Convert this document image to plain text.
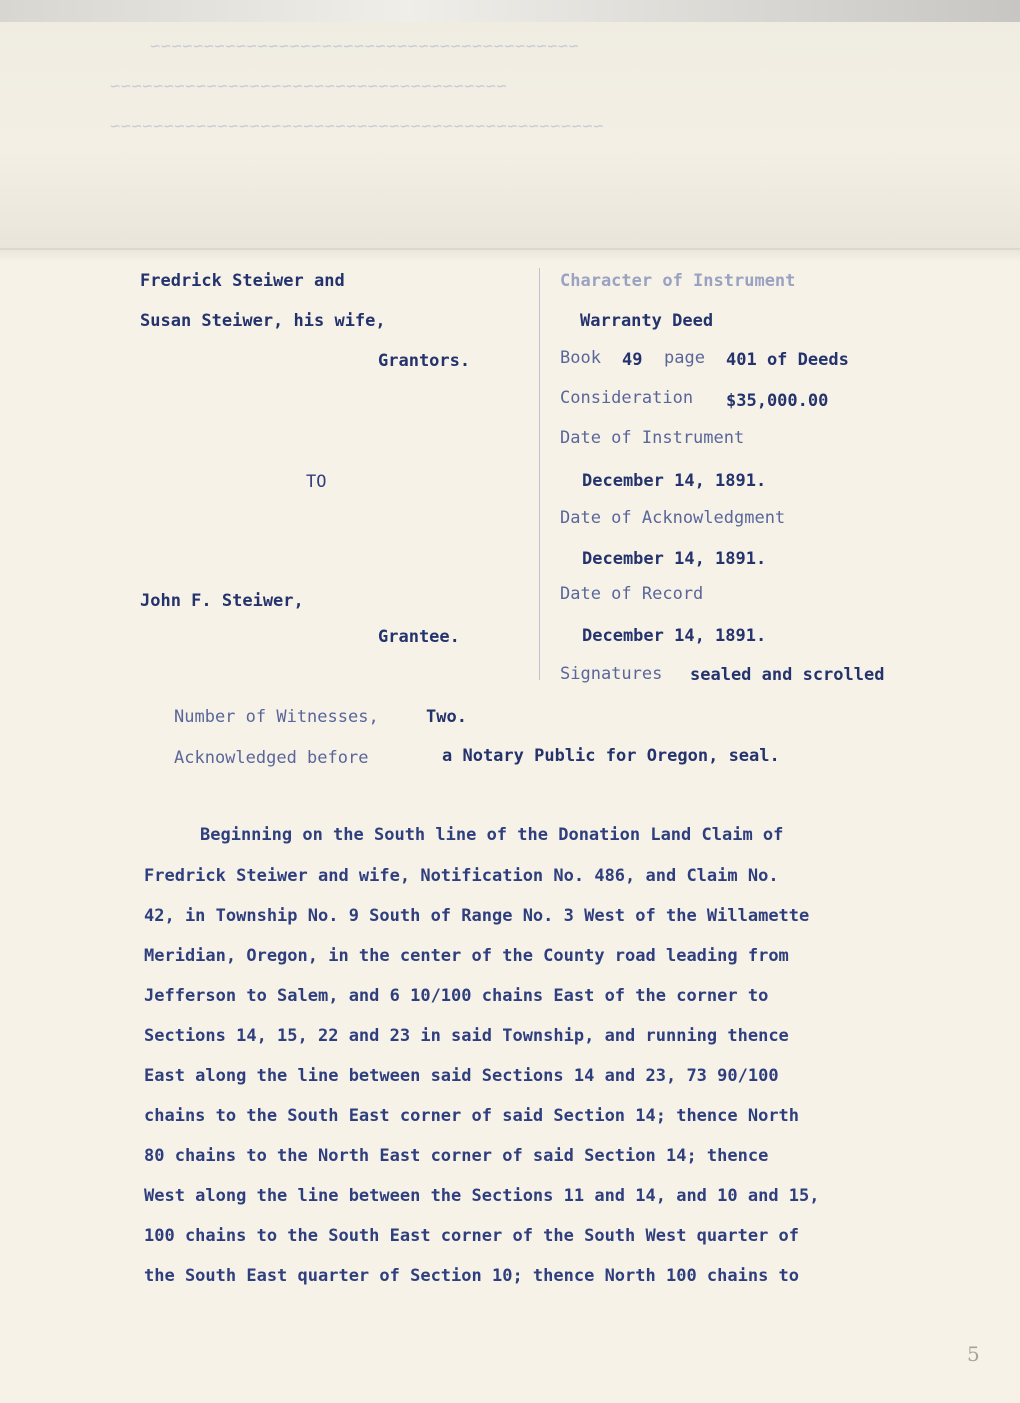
~~~~~~~~~~~~~~~~~~~~~~~~~~~~~~~~~~~~~~~~
~~~~~~~~~~~~~~~~~~~~~~~~~~~~~~~~~~~~~
~~~~~~~~~~~~~~~~~~~~~~~~~~~~~~~~~~~~~~~~~~~~~~
Fredrick Steiwer and
Susan Steiwer, his wife,
Grantors.
TO
John F. Steiwer,
Grantee.
Character of Instrument
Warranty Deed
Book 49 page 401 of Deeds
Consideration $35,000.00
Date of Instrument
December 14, 1891.
Date of Acknowledgment
December 14, 1891.
Date of Record
December 14, 1891.
Signatures sealed and scrolled
Number of Witnesses,	Two.
Acknowledged before	a Notary Public for Oregon, seal.
Beginning on the South line of the Donation Land Claim of
Fredrick Steiwer and wife, Notification No. 486, and Claim No.
42, in Township No. 9 South of Range No. 3 West of the Willamette
Meridian, Oregon, in the center of the County road leading from
Jefferson to Salem, and 6 10/100 chains East of the corner to
Sections 14, 15, 22 and 23 in said Township, and running thence
East along the line between said Sections 14 and 23, 73 90/100
chains to the South East corner of said Section 14; thence North
80 chains to the North East corner of said Section 14; thence
West along the line between the Sections 11 and 14, and 10 and 15,
100 chains to the South East corner of the South West quarter of
the South East quarter of Section 10; thence North 100 chains to
5
